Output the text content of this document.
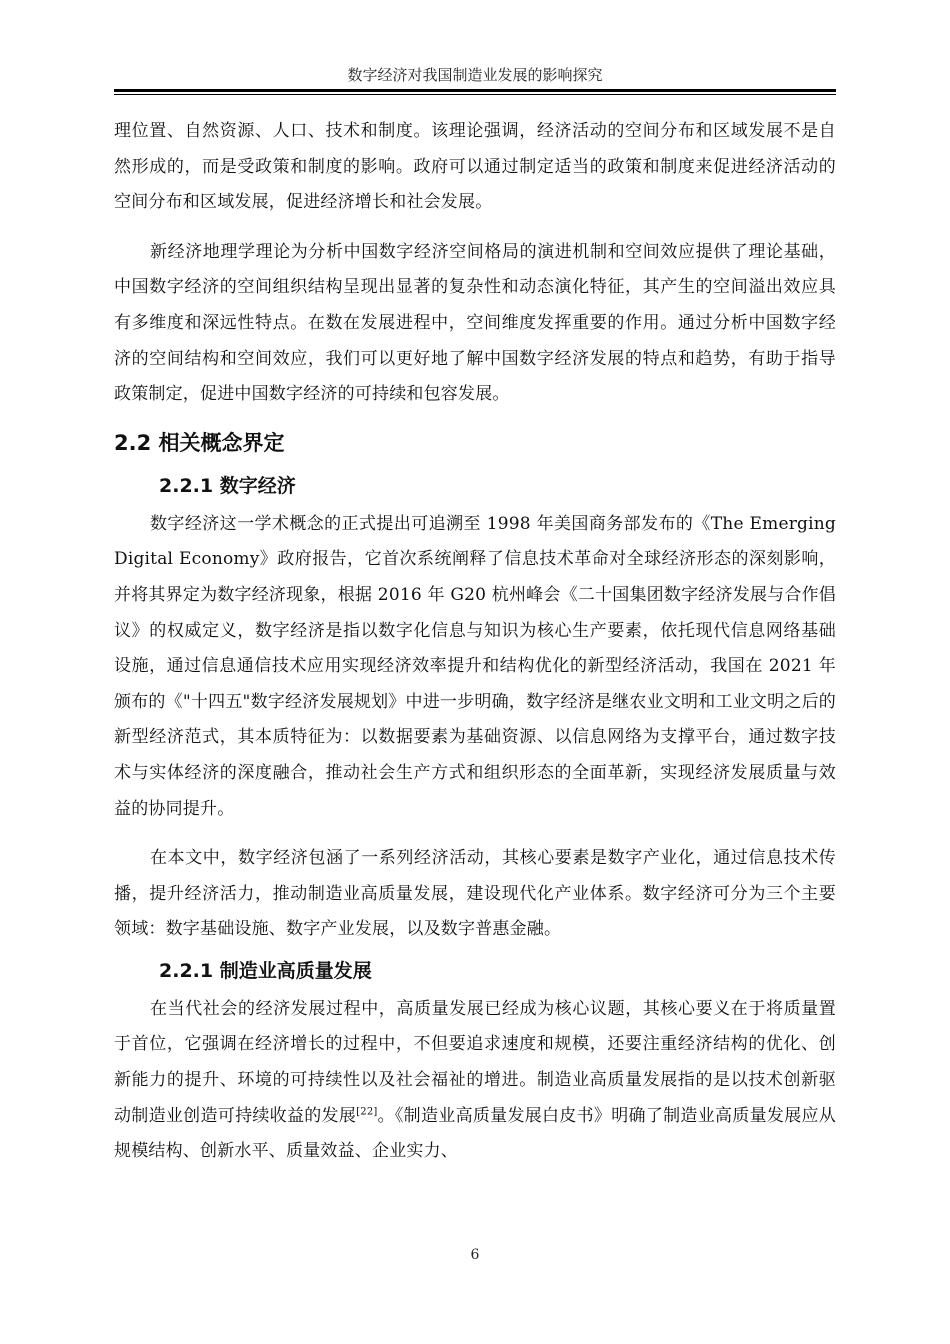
数字经济对我国制造业发展的影响探究

理位置、自然资源、人口、技术和制度。该理论强调，经济活动的空间分布和区域发展不是自然形成的，而是受政策和制度的影响。政府可以通过制定适当的政策和制度来促进经济活动的空间分布和区域发展，促进经济增长和社会发展。

新经济地理学理论为分析中国数字经济空间格局的演进机制和空间效应提供了理论基础，中国数字经济的空间组织结构呈现出显著的复杂性和动态演化特征，其产生的空间溢出效应具有多维度和深远性特点。在数在发展进程中，空间维度发挥重要的作用。通过分析中国数字经济的空间结构和空间效应，我们可以更好地了解中国数字经济发展的特点和趋势，有助于指导政策制定，促进中国数字经济的可持续和包容发展。

2.2 相关概念界定
2.2.1 数字经济

数字经济这一学术概念的正式提出可追溯至 1998 年美国商务部发布的《The Emerging Digital Economy》政府报告，它首次系统阐释了信息技术革命对全球经济形态的深刻影响，并将其界定为数字经济现象，根据 2016 年 G20 杭州峰会《二十国集团数字经济发展与合作倡议》的权威定义，数字经济是指以数字化信息与知识为核心生产要素，依托现代信息网络基础设施，通过信息通信技术应用实现经济效率提升和结构优化的新型经济活动，我国在 2021 年颁布的《"十四五"数字经济发展规划》中进一步明确，数字经济是继农业文明和工业文明之后的新型经济范式，其本质特征为：以数据要素为基础资源、以信息网络为支撑平台，通过数字技术与实体经济的深度融合，推动社会生产方式和组织形态的全面革新，实现经济发展质量与效益的协同提升。

在本文中，数字经济包涵了一系列经济活动，其核心要素是数字产业化，通过信息技术传播，提升经济活力，推动制造业高质量发展，建设现代化产业体系。数字经济可分为三个主要领域：数字基础设施、数字产业发展，以及数字普惠金融。

2.2.1 制造业高质量发展

在当代社会的经济发展过程中，高质量发展已经成为核心议题，其核心要义在于将质量置于首位，它强调在经济增长的过程中，不但要追求速度和规模，还要注重经济结构的优化、创新能力的提升、环境的可持续性以及社会福祉的增进。制造业高质量发展指的是以技术创新驱动制造业创造可持续收益的发展[22]。《制造业高质量发展白皮书》明确了制造业高质量发展应从规模结构、创新水平、质量效益、企业实力、

6
